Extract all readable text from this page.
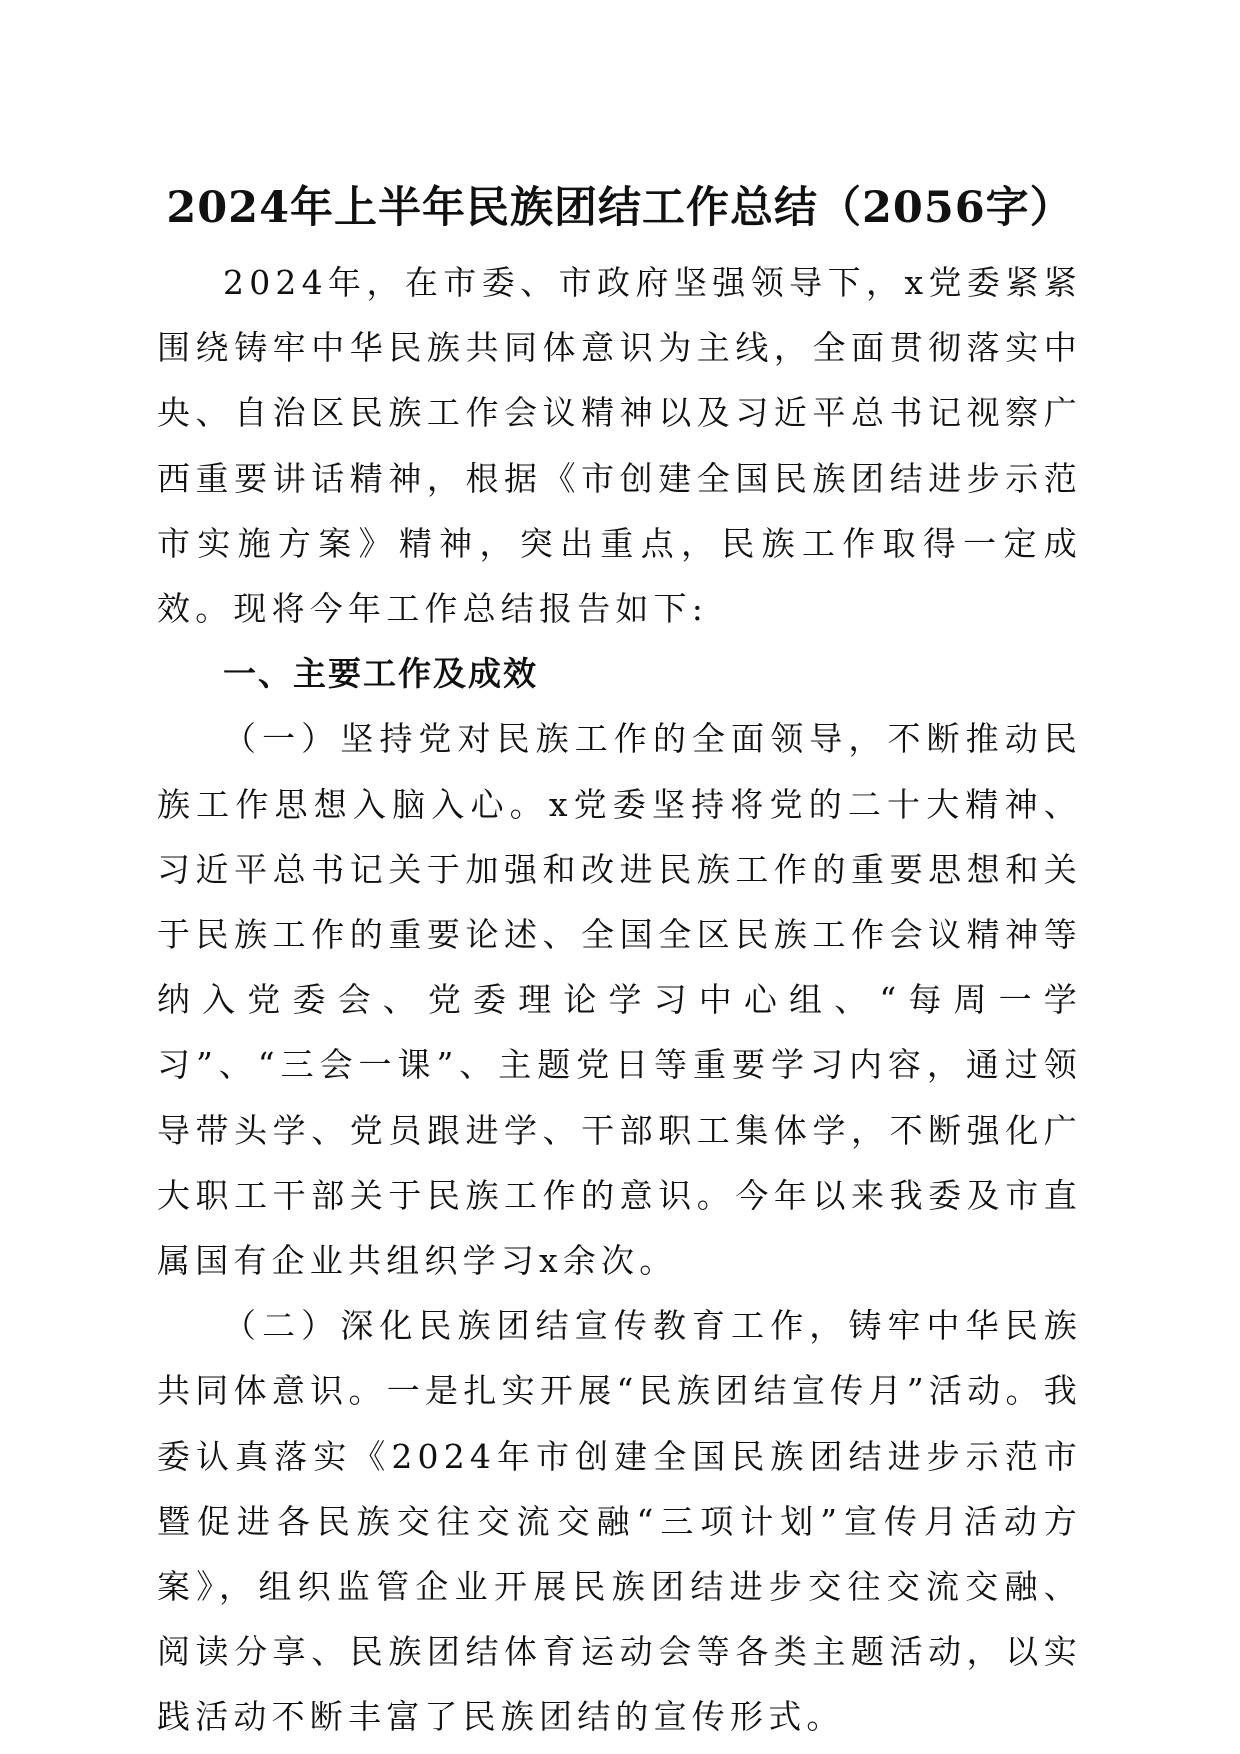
2024年上半年民族团结工作总结（2056字）

2024年，在市委、市政府坚强领导下，x党委紧紧围绕铸牢中华民族共同体意识为主线，全面贯彻落实中央、自治区民族工作会议精神以及习近平总书记视察广西重要讲话精神，根据《市创建全国民族团结进步示范市实施方案》精神，突出重点，民族工作取得一定成效。现将今年工作总结报告如下:

一、主要工作及成效

（一）坚持党对民族工作的全面领导，不断推动民族工作思想入脑入心。x党委坚持将党的二十大精神、习近平总书记关于加强和改进民族工作的重要思想和关于民族工作的重要论述、全国全区民族工作会议精神等纳入党委会、党委理论学习中心组、“每周一学习”、“三会一课”、主题党日等重要学习内容，通过领导带头学、党员跟进学、干部职工集体学，不断强化广大职工干部关于民族工作的意识。今年以来我委及市直属国有企业共组织学习x余次。

（二）深化民族团结宣传教育工作，铸牢中华民族共同体意识。一是扎实开展“民族团结宣传月”活动。我委认真落实《2024年市创建全国民族团结进步示范市暨促进各民族交往交流交融“三项计划”宣传月活动方案》，组织监管企业开展民族团结进步交往交流交融、阅读分享、民族团结体育运动会等各类主题活动，以实践活动不断丰富了民族团结的宣传形式。
